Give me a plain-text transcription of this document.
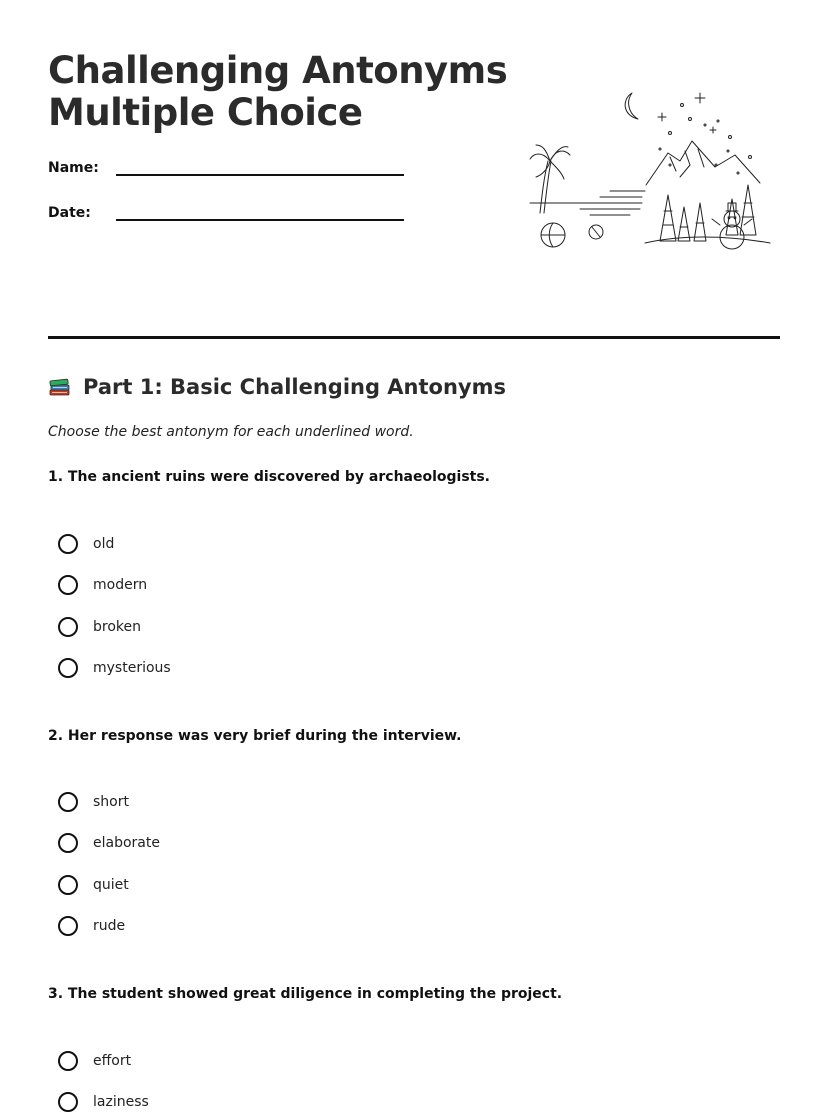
Challenging Antonyms
Multiple Choice
Name:
Date:
Part 1: Basic Challenging Antonyms
Choose the best antonym for each underlined word.
1. The ancient ruins were discovered by archaeologists.
old
modern
broken
mysterious
2. Her response was very brief during the interview.
short
elaborate
quiet
rude
3. The student showed great diligence in completing the project.
effort
laziness
